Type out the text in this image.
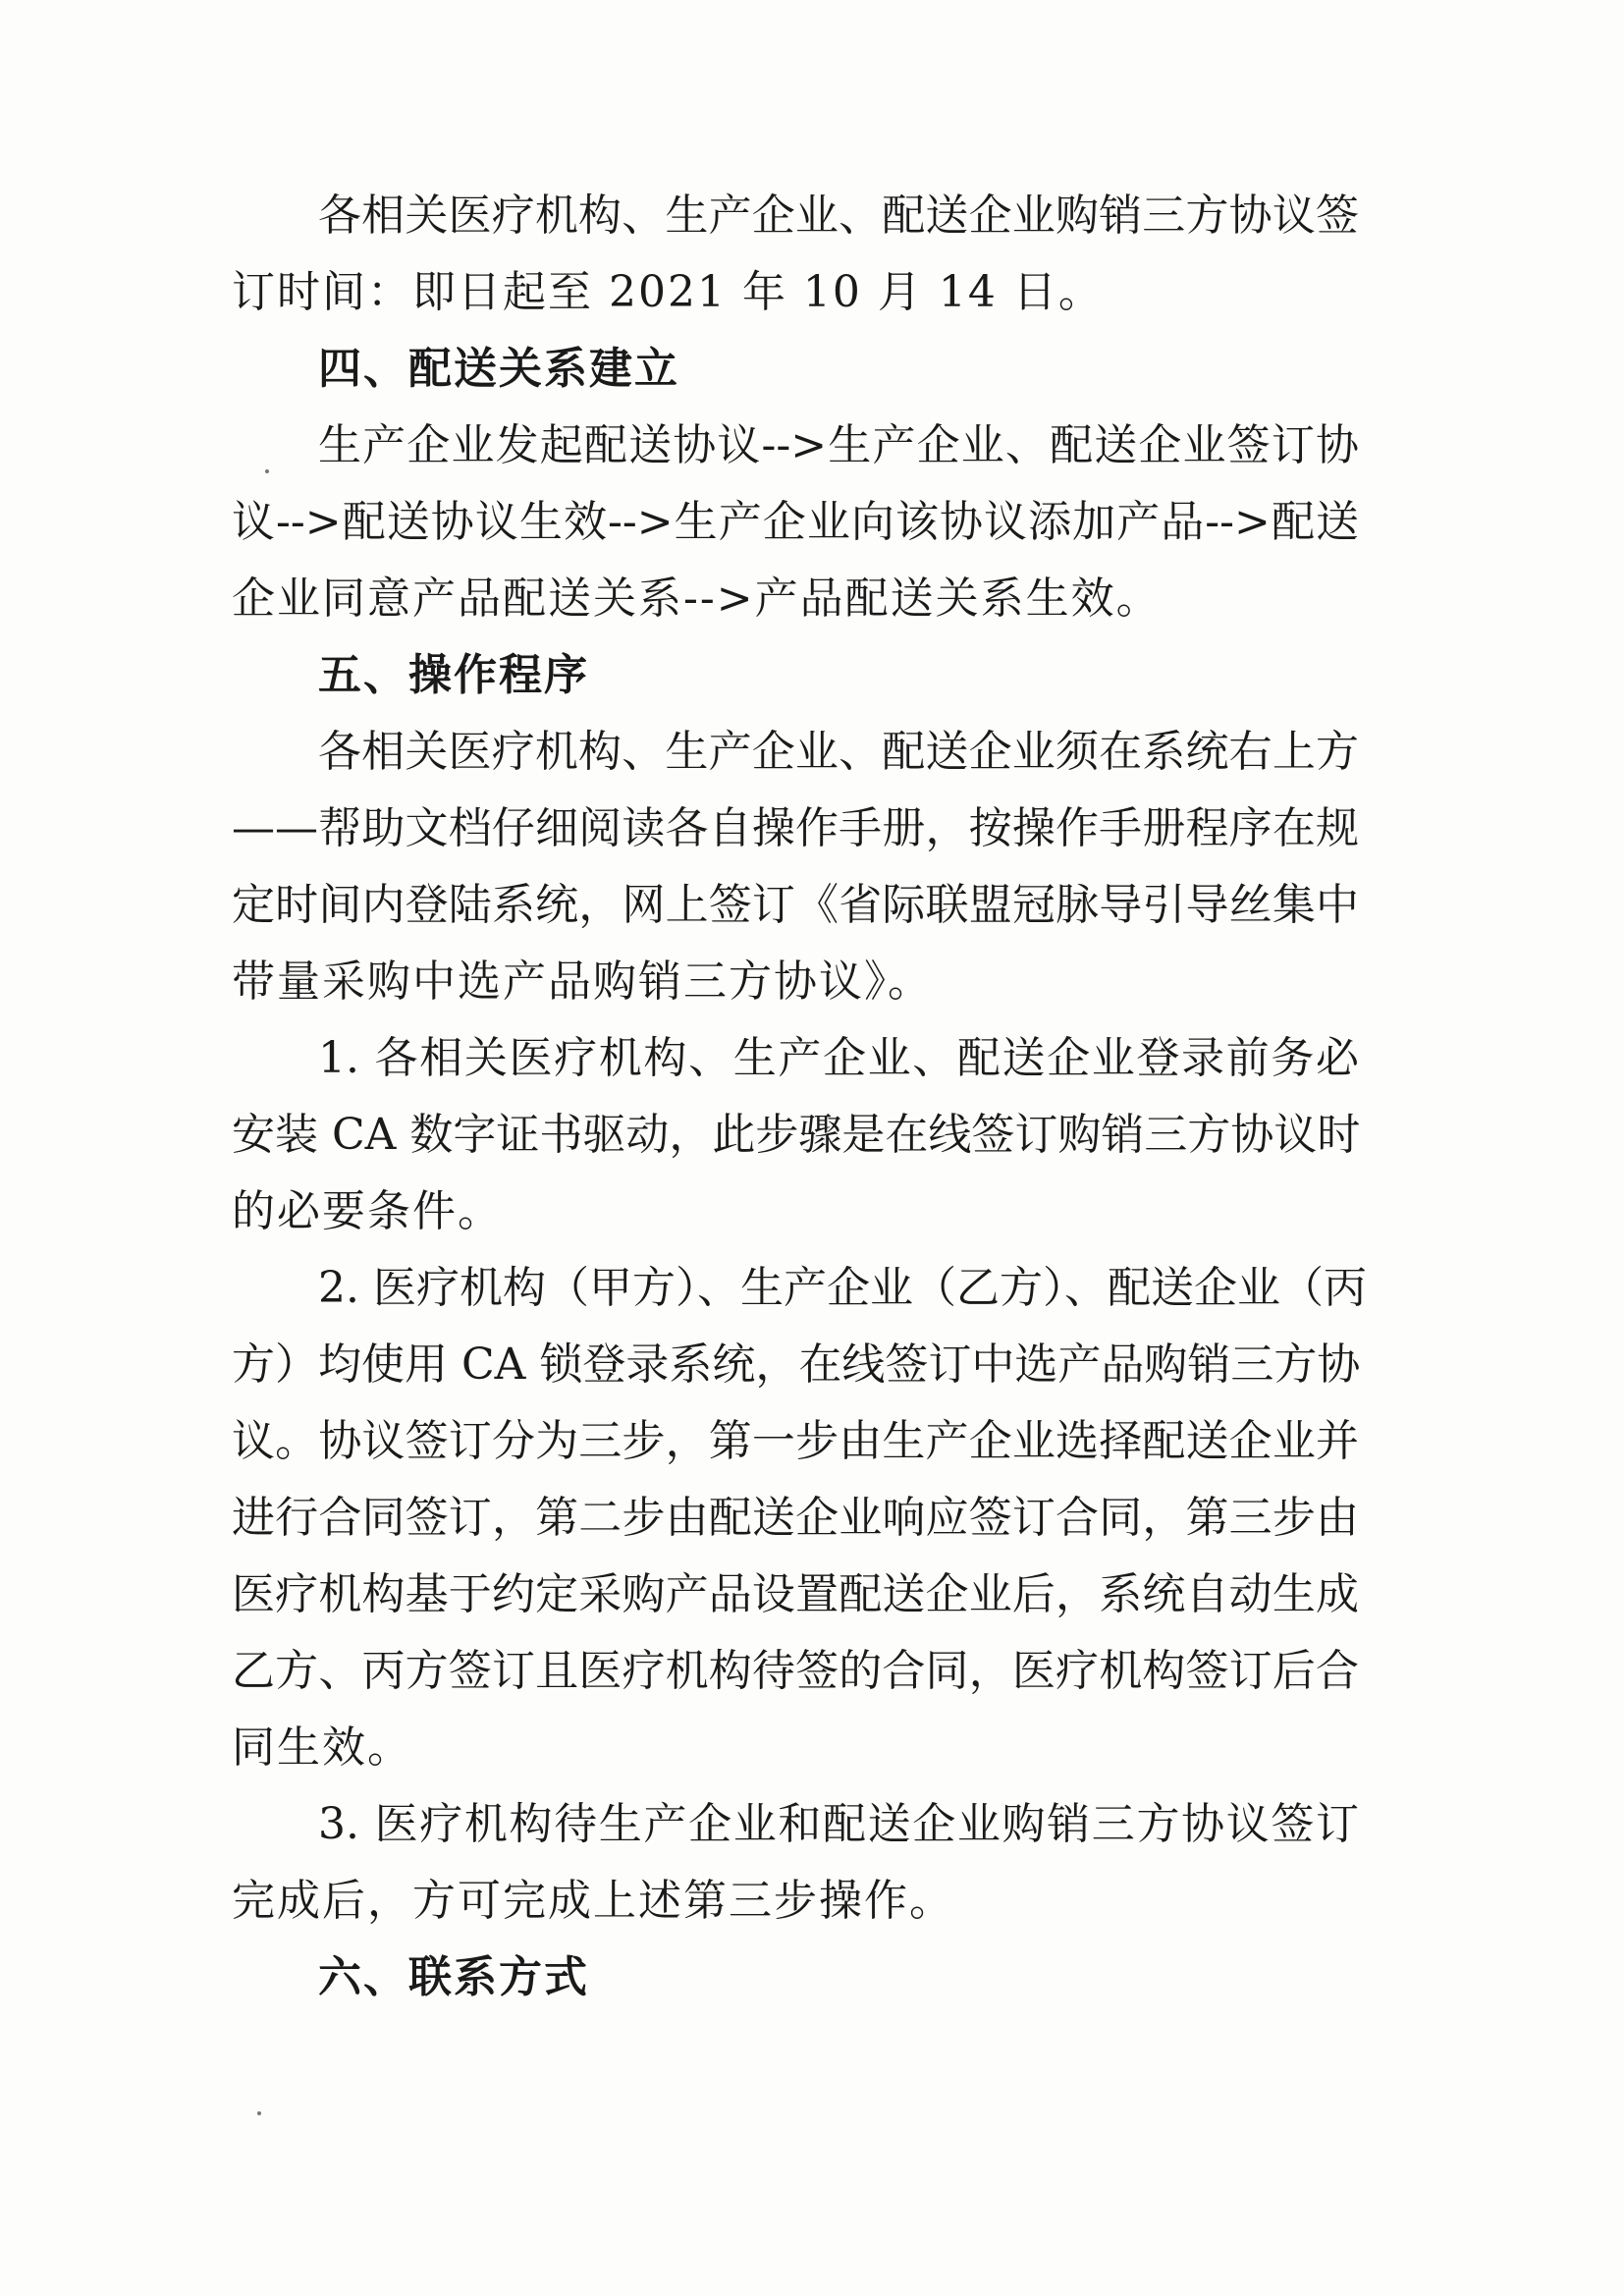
各相关医疗机构、生产企业、配送企业购销三方协议签
订时间：即日起至 2021 年 10 月 14 日。
四、配送关系建立
生产企业发起配送协议-->生产企业、配送企业签订协
议-->配送协议生效-->生产企业向该协议添加产品-->配送
企业同意产品配送关系-->产品配送关系生效。
五、操作程序
各相关医疗机构、生产企业、配送企业须在系统右上方
——帮助文档仔细阅读各自操作手册，按操作手册程序在规
定时间内登陆系统，网上签订《省际联盟冠脉导引导丝集中
带量采购中选产品购销三方协议》。
1. 各相关医疗机构、生产企业、配送企业登录前务必
安装 CA 数字证书驱动，此步骤是在线签订购销三方协议时
的必要条件。
2. 医疗机构（甲方）、生产企业（乙方）、配送企业（丙
方）均使用 CA 锁登录系统，在线签订中选产品购销三方协
议。协议签订分为三步，第一步由生产企业选择配送企业并
进行合同签订，第二步由配送企业响应签订合同，第三步由
医疗机构基于约定采购产品设置配送企业后，系统自动生成
乙方、丙方签订且医疗机构待签的合同，医疗机构签订后合
同生效。
3. 医疗机构待生产企业和配送企业购销三方协议签订
完成后，方可完成上述第三步操作。
六、联系方式
